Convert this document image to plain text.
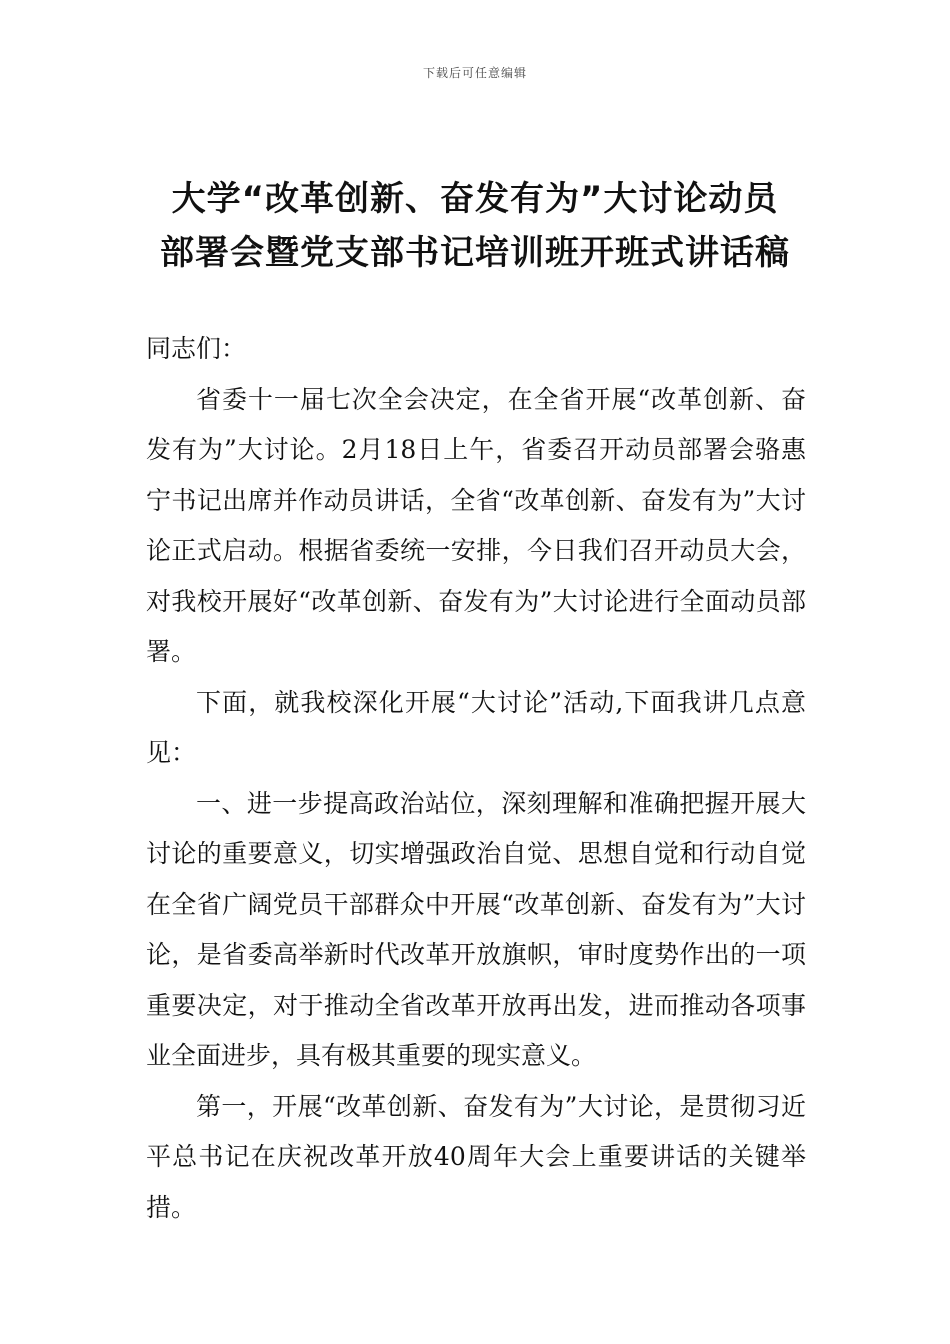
下载后可任意编辑
大学“改革创新、奋发有为”大讨论动员
部署会暨党支部书记培训班开班式讲话稿

同志们：

省委十一届七次全会决定，在全省开展“改革创新、奋发有为”大讨论。2月18日上午，省委召开动员部署会骆惠宁书记出席并作动员讲话，全省“改革创新、奋发有为”大讨论正式启动。根据省委统一安排，今日我们召开动员大会，对我校开展好“改革创新、奋发有为”大讨论进行全面动员部署。

下面，就我校深化开展“大讨论”活动,下面我讲几点意见：

一、进一步提高政治站位，深刻理解和准确把握开展大讨论的重要意义，切实增强政治自觉、思想自觉和行动自觉在全省广阔党员干部群众中开展“改革创新、奋发有为”大讨论，是省委高举新时代改革开放旗帜，审时度势作出的一项重要决定，对于推动全省改革开放再出发，进而推动各项事业全面进步，具有极其重要的现实意义。

第一，开展“改革创新、奋发有为”大讨论，是贯彻习近平总书记在庆祝改革开放40周年大会上重要讲话的关键举措。
